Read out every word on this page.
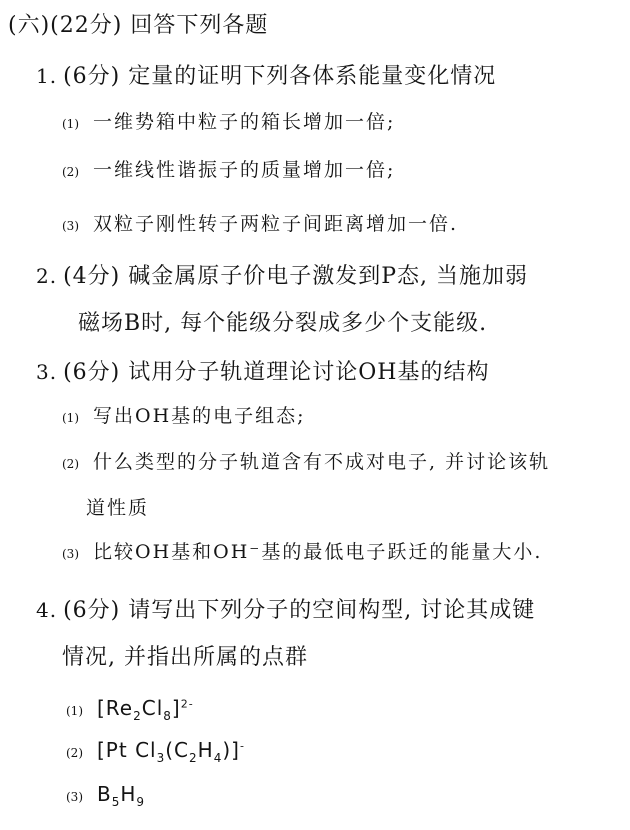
(六)(22分) 回答下列各题
1. (6分) 定量的证明下列各体系能量变化情况
(1) 一维势箱中粒子的箱长增加一倍;
(2) 一维线性谐振子的质量增加一倍;
(3) 双粒子刚性转子两粒子间距离增加一倍.
2. (4分) 碱金属原子价电子激发到P态, 当施加弱
磁场B时, 每个能级分裂成多少个支能级.
3. (6分) 试用分子轨道理论讨论OH基的结构
(1) 写出OH基的电子组态;
(2) 什么类型的分子轨道含有不成对电子, 并讨论该轨
道性质
(3) 比较OH基和OH⁻基的最低电子跃迁的能量大小.
4. (6分) 请写出下列分子的空间构型, 讨论其成键
情况, 并指出所属的点群
(1) $[Re_2Cl_8]^{2-}$
(2) [Pt $Cl_3(C_2H_4)]^-$
(3) $B_5H_9$
